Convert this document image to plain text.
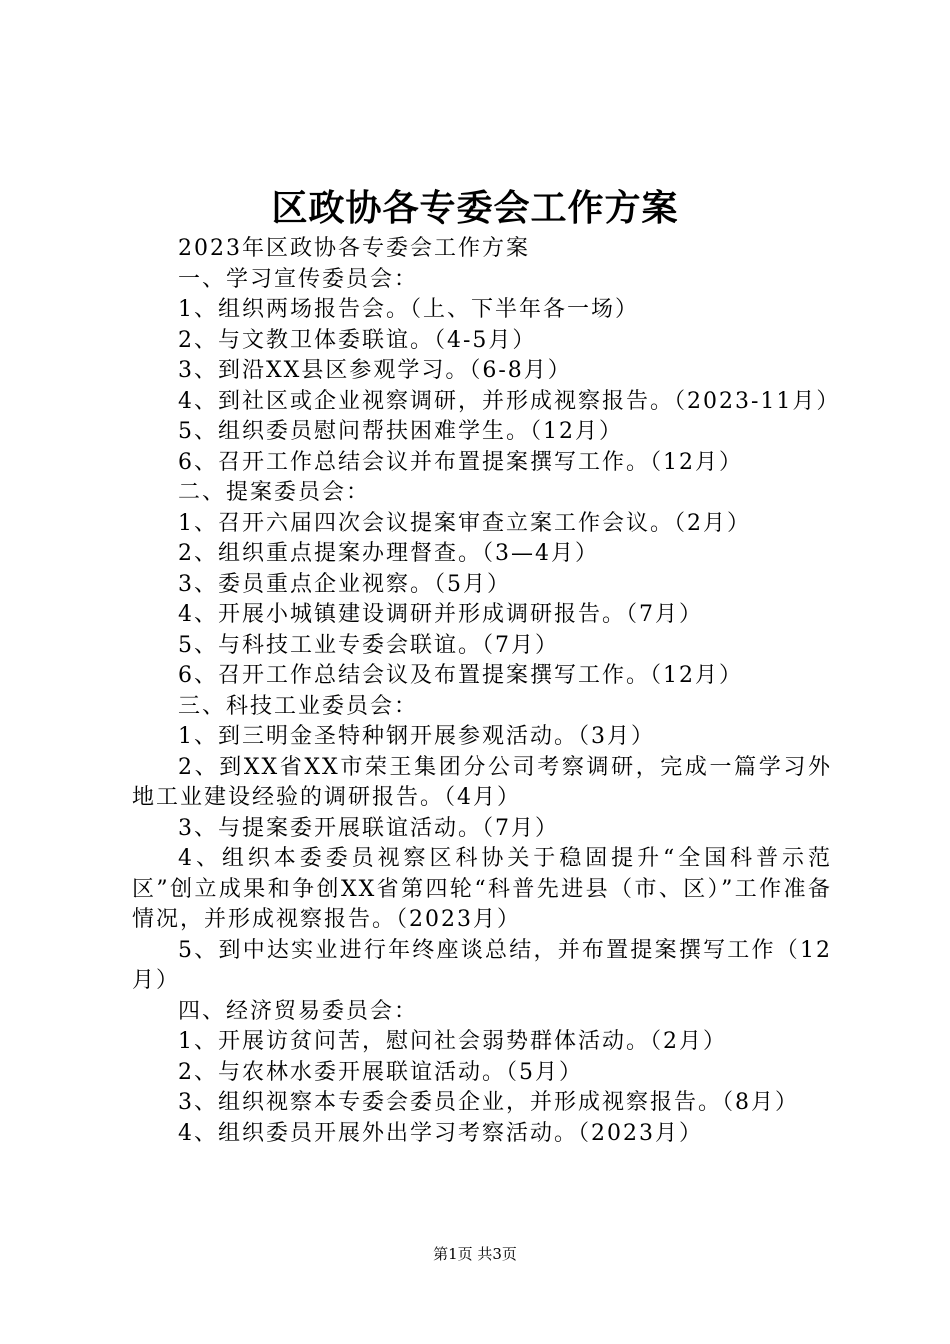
区政协各专委会工作方案
2023年区政协各专委会工作方案
一、学习宣传委员会：
1、组织两场报告会。（上、下半年各一场）
2、与文教卫体委联谊。（4-5月）
3、到沿XX县区参观学习。（6-8月）
4、到社区或企业视察调研，并形成视察报告。（2023-11月）
5、组织委员慰问帮扶困难学生。（12月）
6、召开工作总结会议并布置提案撰写工作。（12月）
二、提案委员会：
1、召开六届四次会议提案审查立案工作会议。（2月）
2、组织重点提案办理督查。（3—4月）
3、委员重点企业视察。（5月）
4、开展小城镇建设调研并形成调研报告。（7月）
5、与科技工业专委会联谊。（7月）
6、召开工作总结会议及布置提案撰写工作。（12月）
三、科技工业委员会：
1、到三明金圣特种钢开展参观活动。（3月）
2、到XX省XX市荣王集团分公司考察调研，完成一篇学习外地工业建设经验的调研报告。（4月）
3、与提案委开展联谊活动。（7月）
4、组织本委委员视察区科协关于稳固提升“全国科普示范区”创立成果和争创XX省第四轮“科普先进县（市、区）”工作准备情况，并形成视察报告。（2023月）
5、到中达实业进行年终座谈总结，并布置提案撰写工作（12月）
四、经济贸易委员会：
1、开展访贫问苦，慰问社会弱势群体活动。（2月）
2、与农林水委开展联谊活动。（5月）
3、组织视察本专委会委员企业，并形成视察报告。（8月）
4、组织委员开展外出学习考察活动。（2023月）
第1页 共3页
